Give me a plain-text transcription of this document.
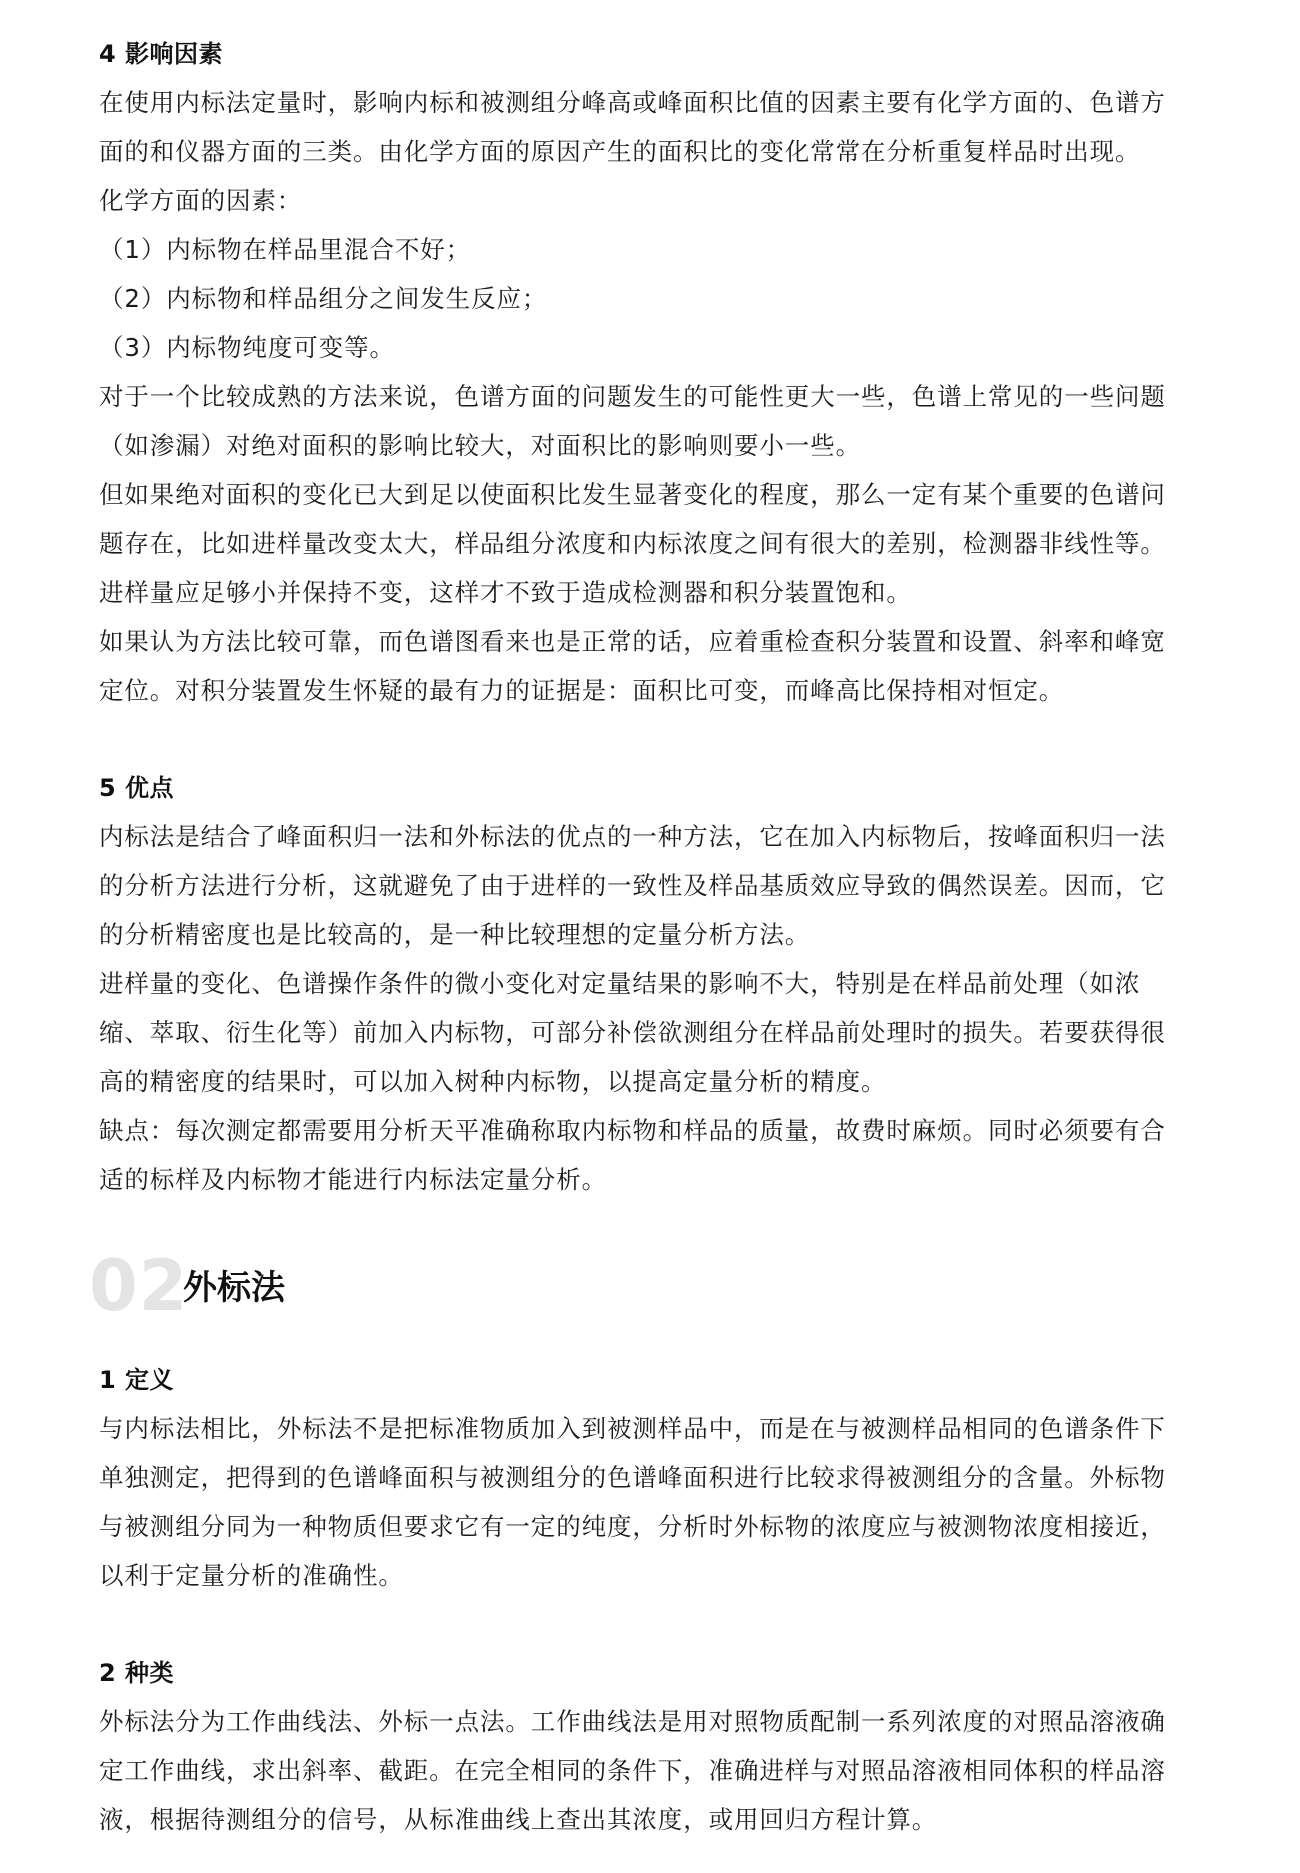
4 影响因素

在使用内标法定量时，影响内标和被测组分峰高或峰面积比值的因素主要有化学方面的、色谱方

面的和仪器方面的三类。由化学方面的原因产生的面积比的变化常常在分析重复样品时出现。

化学方面的因素：

（1）内标物在样品里混合不好；

（2）内标物和样品组分之间发生反应；

（3）内标物纯度可变等。

对于一个比较成熟的方法来说，色谱方面的问题发生的可能性更大一些，色谱上常见的一些问题

（如渗漏）对绝对面积的影响比较大，对面积比的影响则要小一些。

但如果绝对面积的变化已大到足以使面积比发生显著变化的程度，那么一定有某个重要的色谱问

题存在，比如进样量改变太大，样品组分浓度和内标浓度之间有很大的差别，检测器非线性等。

进样量应足够小并保持不变，这样才不致于造成检测器和积分装置饱和。

如果认为方法比较可靠，而色谱图看来也是正常的话，应着重检查积分装置和设置、斜率和峰宽

定位。对积分装置发生怀疑的最有力的证据是：面积比可变，而峰高比保持相对恒定。

5 优点

内标法是结合了峰面积归一法和外标法的优点的一种方法，它在加入内标物后，按峰面积归一法

的分析方法进行分析，这就避免了由于进样的一致性及样品基质效应导致的偶然误差。因而，它

的分析精密度也是比较高的，是一种比较理想的定量分析方法。

进样量的变化、色谱操作条件的微小变化对定量结果的影响不大，特别是在样品前处理（如浓

缩、萃取、衍生化等）前加入内标物，可部分补偿欲测组分在样品前处理时的损失。若要获得很

高的精密度的结果时，可以加入树种内标物，以提高定量分析的精度。

缺点：每次测定都需要用分析天平准确称取内标物和样品的质量，故费时麻烦。同时必须要有合

适的标样及内标物才能进行内标法定量分析。

02
外标法
1 定义

与内标法相比，外标法不是把标准物质加入到被测样品中，而是在与被测样品相同的色谱条件下

单独测定，把得到的色谱峰面积与被测组分的色谱峰面积进行比较求得被测组分的含量。外标物

与被测组分同为一种物质但要求它有一定的纯度，分析时外标物的浓度应与被测物浓度相接近，

以利于定量分析的准确性。

2 种类

外标法分为工作曲线法、外标一点法。工作曲线法是用对照物质配制一系列浓度的对照品溶液确

定工作曲线，求出斜率、截距。在完全相同的条件下，准确进样与对照品溶液相同体积的样品溶

液，根据待测组分的信号，从标准曲线上查出其浓度，或用回归方程计算。
